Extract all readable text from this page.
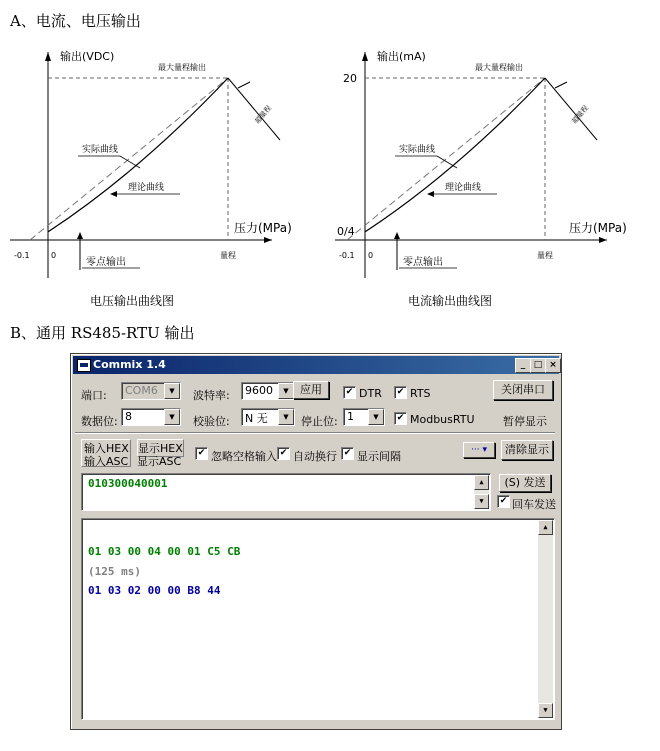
A、电流、电压输出
输出(VDC)
压力(MPa)
最大量程输出
超量程
实际曲线
理论曲线
零点输出
-0.1	0	量程
电压输出曲线图
输出(mA)
压力(MPa)
最大量程输出
超量程
实际曲线
理论曲线
零点输出
-0.1 0	量程
20
0/4
电流输出曲线图
B、通用 RS485-RTU 输出
Commix 1.4	_ □ ×
端口: COM6	▼	波特率: 9600	▼	应用	✔ DTR	✔ RTS	关闭串口
数据位: 8	▼	校验位: N 无	▼	停止位: 1	▼	✔ ModbusRTU	暂停显示
输入HEX
输入ASC
显示HEX
显示ASC
✔ 忽略空格输入 ✔ 自动换行 ✔ 显示间隔	··· ▾	清除显示
010300040001	▲
▼
(S) 发送
✔ 回车发送
01 03 00 04 00 01 C5 CB
(125 ms)
01 03 02 00 00 B8 44
▲
▼
